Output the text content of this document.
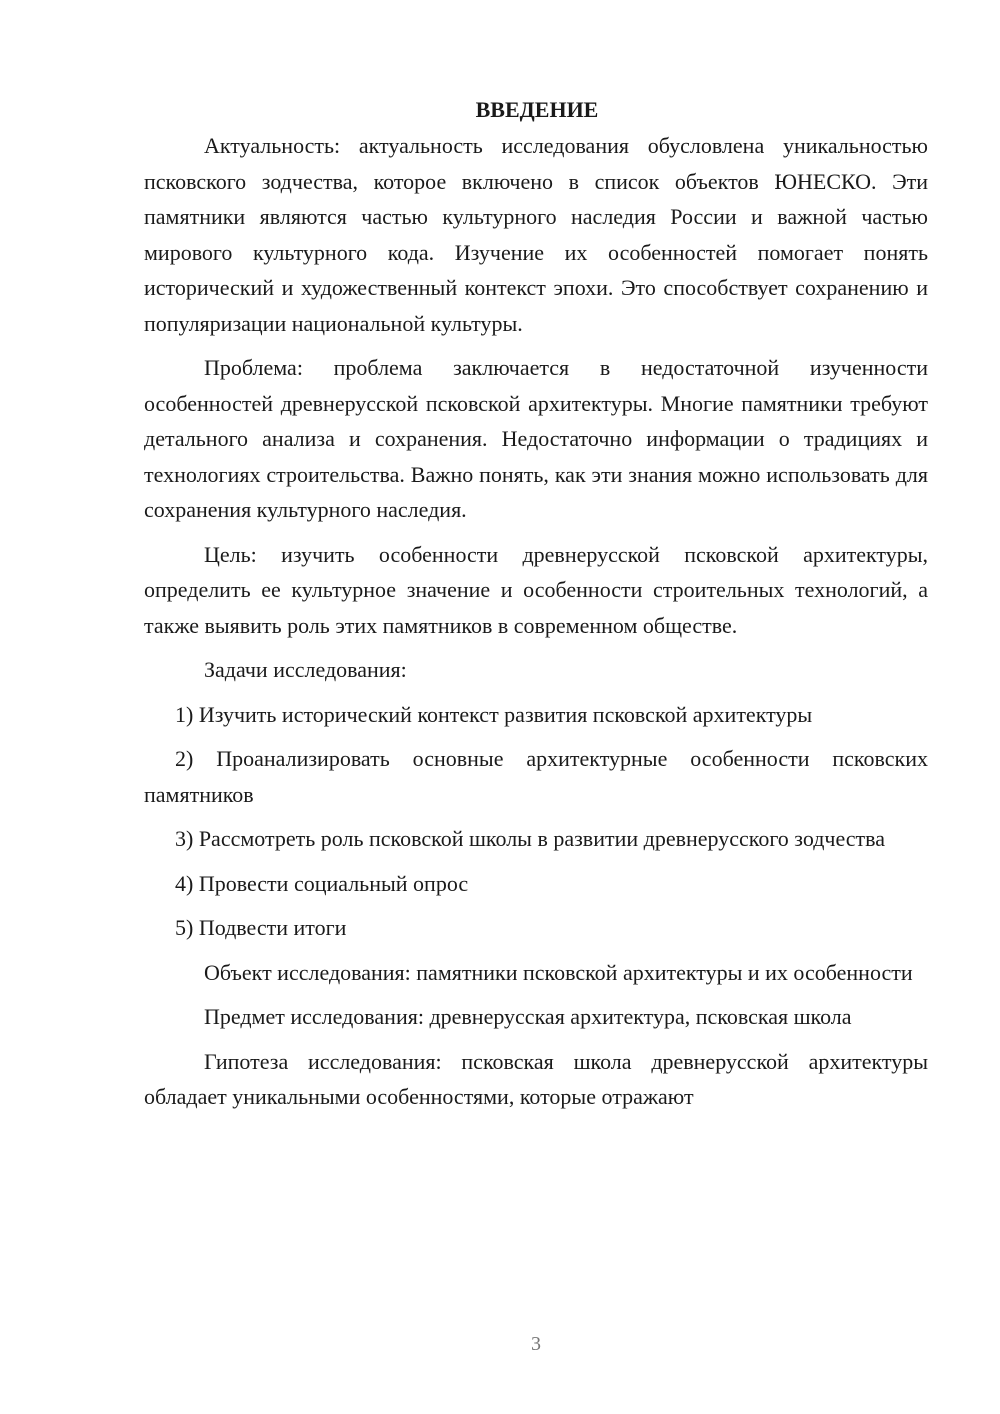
ВВЕДЕНИЕ

Актуальность: актуальность исследования обусловлена уникальностью псковского зодчества, которое включено в список объектов ЮНЕСКО. Эти памятники являются частью культурного наследия России и важной частью мирового культурного кода. Изучение их особенностей помогает понять исторический и художественный контекст эпохи. Это способствует сохранению и популяризации национальной культуры.

Проблема: проблема заключается в недостаточной изученности особенностей древнерусской псковской архитектуры. Многие памятники требуют детального анализа и сохранения. Недостаточно информации о традициях и технологиях строительства. Важно понять, как эти знания можно использовать для сохранения культурного наследия.

Цель: изучить особенности древнерусской псковской архитектуры, определить ее культурное значение и особенности строительных технологий, а также выявить роль этих памятников в современном обществе.

Задачи исследования:

1) Изучить исторический контекст развития псковской архитектуры

2) Проанализировать основные архитектурные особенности псковских памятников

3) Рассмотреть роль псковской школы в развитии древнерусского зодчества

4) Провести социальный опрос

5) Подвести итоги

Объект исследования: памятники псковской архитектуры и их особенности

Предмет исследования: древнерусская архитектура, псковская школа

Гипотеза исследования: псковская школа древнерусской архитектуры обладает уникальными особенностями, которые отражают

3
